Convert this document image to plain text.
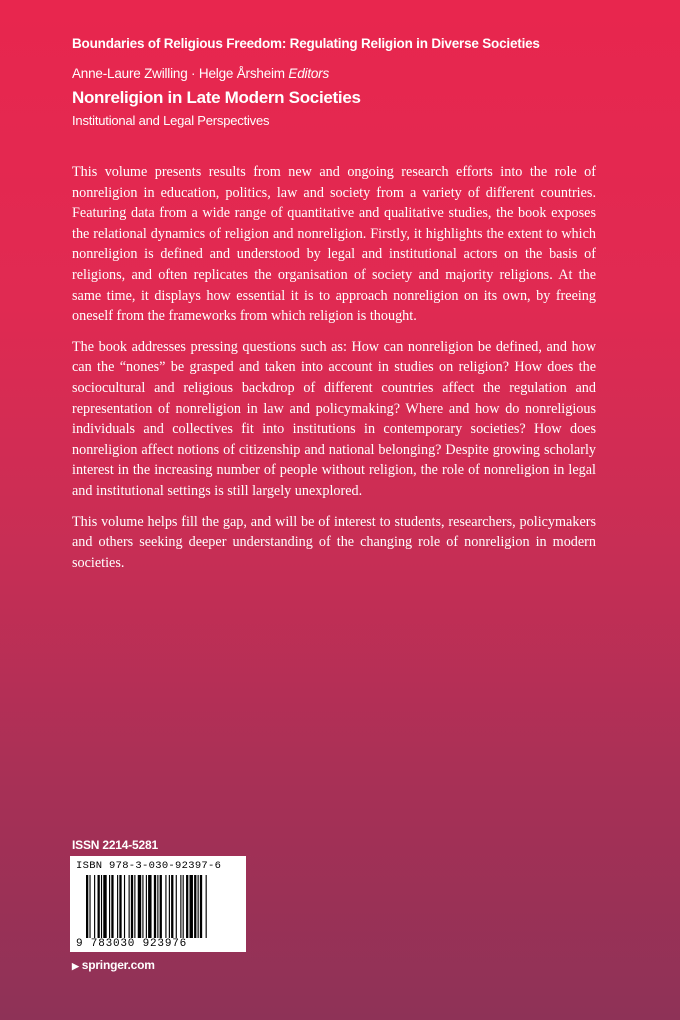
Boundaries of Religious Freedom: Regulating Religion in Diverse Societies
Anne-Laure Zwilling · Helge Årsheim Editors
Nonreligion in Late Modern Societies
Institutional and Legal Perspectives

This volume presents results from new and ongoing research efforts into the role of nonreligion in education, politics, law and society from a variety of different countries. Featuring data from a wide range of quantitative and qualitative studies, the book exposes the relational dynamics of religion and nonreligion. Firstly, it highlights the extent to which nonreligion is defined and understood by legal and institutional actors on the basis of religions, and often replicates the organisation of society and majority religions. At the same time, it displays how essential it is to approach nonreligion on its own, by freeing oneself from the frameworks from which religion is thought.

The book addresses pressing questions such as: How can nonreligion be defined, and how can the “nones” be grasped and taken into account in studies on religion? How does the sociocultural and religious backdrop of different countries affect the regulation and representation of nonreligion in law and policymaking? Where and how do nonreligious individuals and collectives fit into institutions in contemporary societies? How does nonreligion affect notions of citizenship and national belonging? Despite growing scholarly interest in the increasing number of people without religion, the role of nonreligion in legal and institutional settings is still largely unexplored.

This volume helps fill the gap, and will be of interest to students, researchers, policymakers and others seeking deeper understanding of the changing role of nonreligion in modern societies.

ISSN 2214-5281
ISBN 978-3-030-92397-6
9 783030 923976
▶ springer.com
